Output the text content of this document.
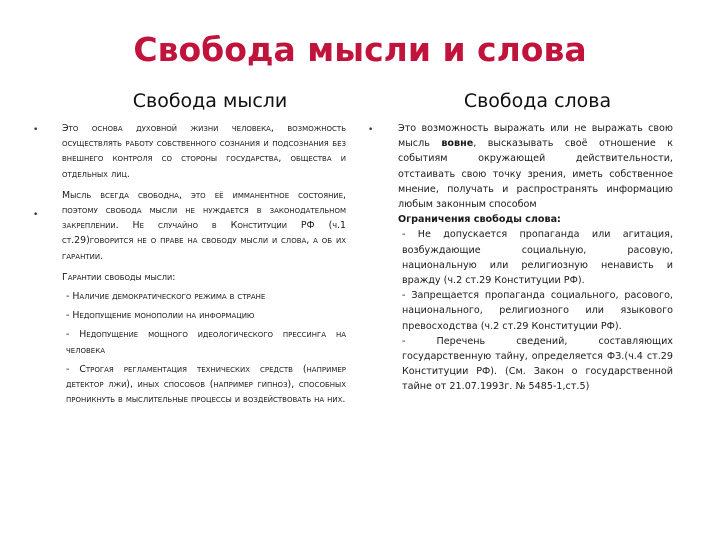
Свобода мысли и слова
Свобода мысли	Свобода слова
•
•
•

Это основа духовной жизни человека, возможность осуществлять работу собственного сознания и подсознания без внешнего контроля со стороны государства, общества и отдельных лиц.

Мысль всегда свободна, это её имманентное состояние, поэтому свобода мысли не нуждается в законодательном закреплении. Не случайно в Конституции РФ (ч.1 ст.29)говорится не о праве на свободу мысли и слова, а об их гарантии.

Гарантии свободы мысли:

- Наличие демократического режима в стране

- Недопущение монополии на информацию

- Недопущение мощного идеологического прессинга на человека

- Строгая регламентация технических средств (например детектор лжи), иных способов (например гипноз), способных проникнуть в мыслительные процессы и воздействовать на них.

Это возможность выражать или не выражать свою мысль вовне, высказывать своё отношение к событиям окружающей действительности, отстаивать свою точку зрения, иметь собственное мнение, получать и распространять информацию любым законным способом

Ограничения свободы слова:

- Не допускается пропаганда или агитация, возбуждающие социальную, расовую, национальную или религиозную ненависть и вражду (ч.2 ст.29 Конституции РФ).

- Запрещается пропаганда социального, расового, национального, религиозного или языкового превосходства (ч.2 ст.29 Конституции РФ).

- Перечень сведений, составляющих государственную тайну, определяется ФЗ.(ч.4 ст.29 Конституции РФ). (См. Закон о государственной тайне от 21.07.1993г. № 5485-1,ст.5)
